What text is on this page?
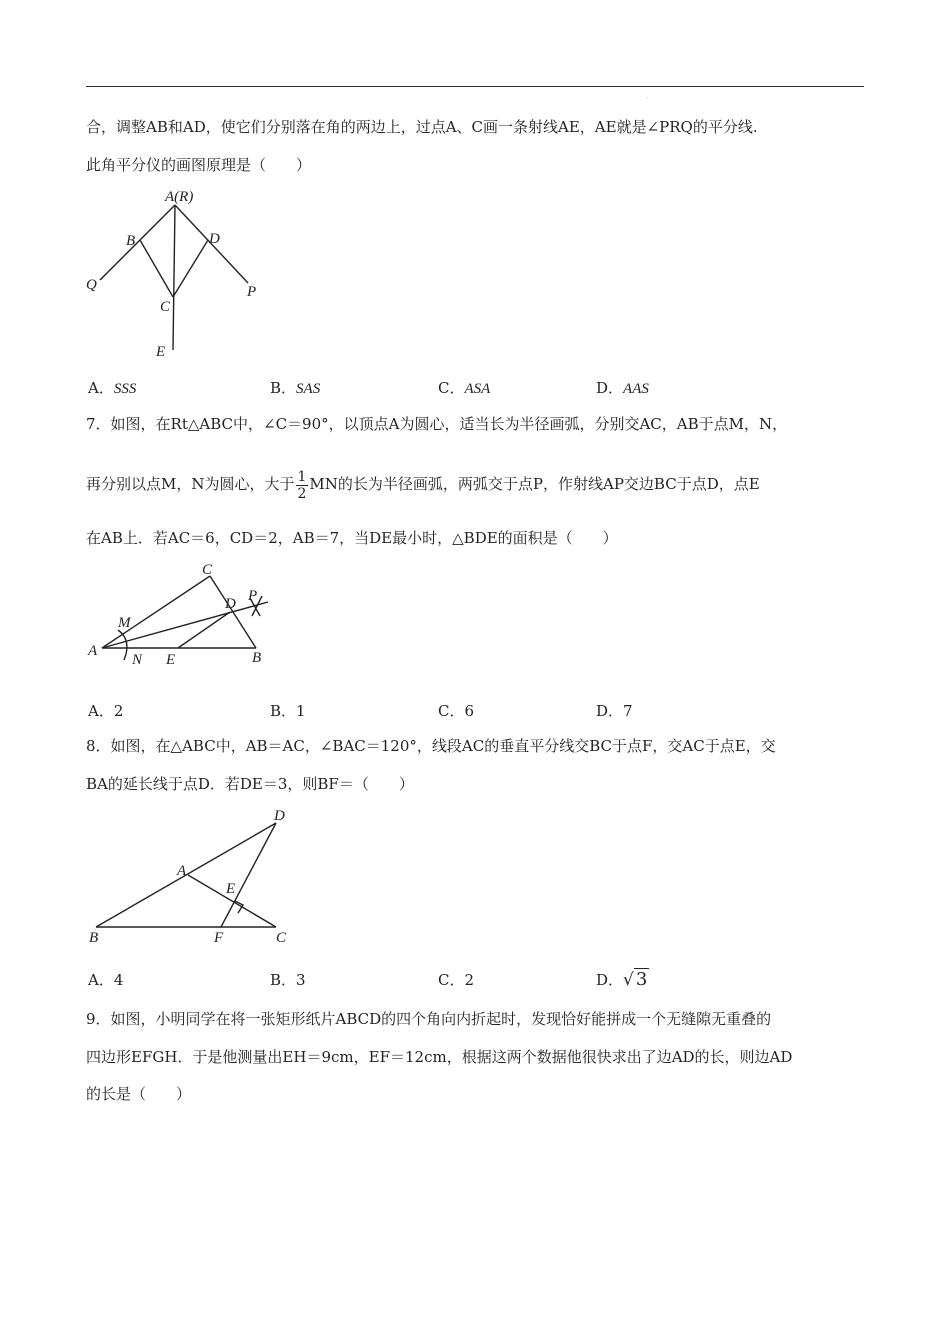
·
合，调整AB和AD，使它们分别落在角的两边上，过点A、C画一条射线AE，AE就是∠PRQ的平分线.
此角平分仪的画图原理是（　　）
A(R)
B	D
Q
C
P
E
A．SSS	B．SAS	C．ASA	D．AAS
7．如图，在Rt△ABC中，∠C＝90°，以顶点A为圆心，适当长为半径画弧，分别交AC，AB于点M，N，
再分别以点M，N为圆心，大于 $\frac{1}{2}$ MN的长为半径画弧，两弧交于点P，作射线AP交边BC于点D，点E
在AB上．若AC＝6，CD＝2，AB＝7，当DE最小时，△BDE的面积是（　　）
C
D P
M
A
N E	B
A．2	B．1	C．6	D．7
8．如图，在△ABC中，AB＝AC，∠BAC＝120°，线段AC的垂直平分线交BC于点F，交AC于点E，交
BA的延长线于点D．若DE＝3，则BF＝（　　）
D
A
E
B	F	C
A．4	B．3	C．2	D．√ 3
9．如图，小明同学在将一张矩形纸片ABCD的四个角向内折起时，发现恰好能拼成一个无缝隙无重叠的
四边形EFGH．于是他测量出EH＝9cm，EF＝12cm，根据这两个数据他很快求出了边AD的长，则边AD
的长是（　　）
